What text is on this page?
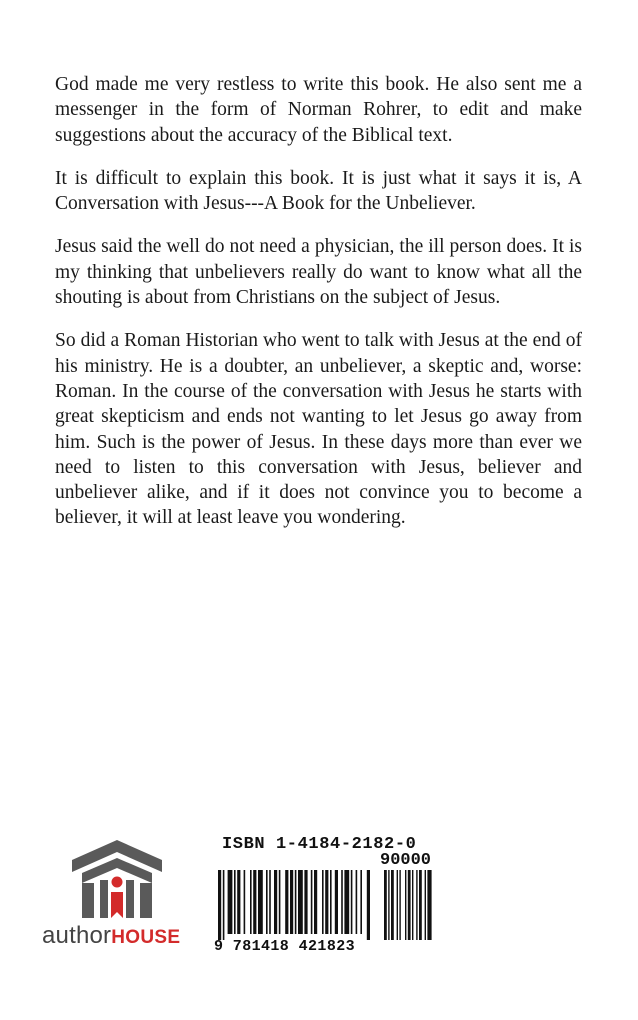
God made me very restless to write this book. He also sent me a messenger in the form of Norman Rohrer, to edit and make suggestions about the accuracy of the Biblical text.

It is difficult to explain this book. It is just what it says it is, A Conversation with Jesus---A Book for the Unbeliever.

Jesus said the well do not need a physician, the ill person does. It is my thinking that unbelievers really do want to know what all the shouting is about from Christians on the subject of Jesus.

So did a Roman Historian who went to talk with Jesus at the end of his ministry. He is a doubter, an unbeliever, a skeptic and, worse: Roman. In the course of the conversation with Jesus he starts with great skepticism and ends not wanting to let Jesus go away from him. Such is the power of Jesus. In these days more than ever we need to listen to this conversation with Jesus, believer and unbeliever alike, and if it does not convince you to become a believer, it will at least leave you wondering.

authorHOUSE
ISBN 1-4184-2182-0
90000
9 781418 421823
